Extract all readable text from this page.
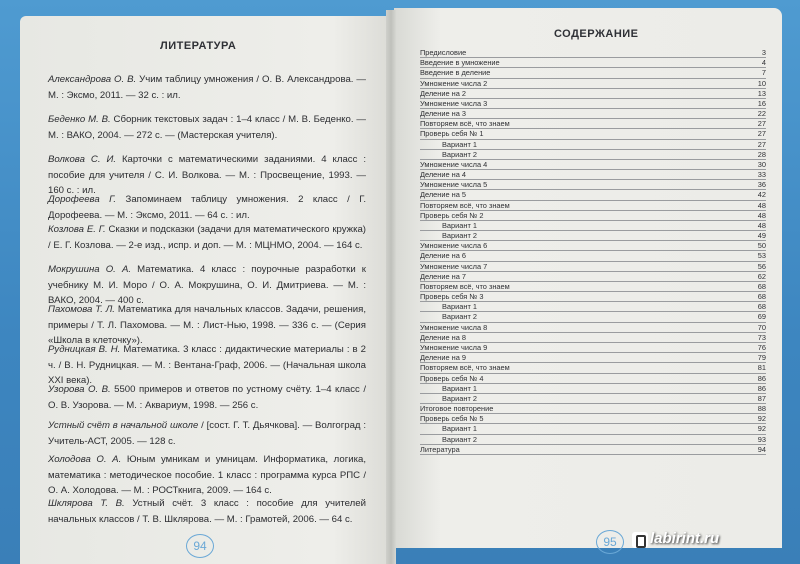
ЛИТЕРАТУРА
СОДЕРЖАНИЕ
Александрова О. В. Учим таблицу умножения / О. В. Александрова. — М. : Эксмо, 2011. — 32 с. : ил.
Беденко М. В. Сборник текстовых задач : 1–4 класс / М. В. Беденко. — М. : ВАКО, 2004. — 272 с. — (Мастерская учителя).
Волкова С. И. Карточки с математическими заданиями. 4 класс : пособие для учителя / С. И. Волкова. — М. : Просвещение, 1993. — 160 с. : ил.
Дорофеева Г. Запоминаем таблицу умножения. 2 класс / Г. Дорофеева. — М. : Эксмо, 2011. — 64 с. : ил.
Козлова Е. Г. Сказки и подсказки (задачи для математического кружка) / Е. Г. Козлова. — 2-е изд., испр. и доп. — М. : МЦНМО, 2004. — 164 с.
Мокрушина О. А. Математика. 4 класс : поурочные разработки к учебнику М. И. Моро / О. А. Мокрушина, О. И. Дмитриева. — М. : ВАКО, 2004. — 400 с.
Пахомова Т. Л. Математика для начальных классов. Задачи, решения, примеры / Т. Л. Пахомова. — М. : Лист-Нью, 1998. — 336 с. — (Серия «Школа в клеточку»).
Рудницкая В. Н. Математика. 3 класс : дидактические материалы : в 2 ч. / В. Н. Рудницкая. — М. : Вентана-Граф, 2006. — (Начальная школа XXI века).
Узорова О. В. 5500 примеров и ответов по устному счёту. 1–4 класс / О. В. Узорова. — М. : Аквариум, 1998. — 256 с.
Устный счёт в начальной школе / [сост. Г. Т. Дьячкова]. — Волгоград : Учитель-АСТ, 2005. — 128 с.
Холодова О. А. Юным умникам и умницам. Информатика, логика, математика : методическое пособие. 1 класс : программа курса РПС / О. А. Холодова. — М. : РОСТкнига, 2009. — 164 с.
Шклярова Т. В. Устный счёт. 3 класс : пособие для учителей начальных классов / Т. В. Шклярова. — М. : Грамотей, 2006. — 64 с.
Предисловие	3
Введение в умножение	4
Введение в деление	7
Умножение числа 2	10
Деление на 2	13
Умножение числа 3	16
Деление на 3	22
Повторяем всё, что знаем	27
Проверь себя № 1	27
Вариант 1	27
Вариант 2	28
Умножение числа 4	30
Деление на 4	33
Умножение числа 5	36
Деление на 5	42
Повторяем всё, что знаем	48
Проверь себя № 2	48
Вариант 1	48
Вариант 2	49
Умножение числа 6	50
Деление на 6	53
Умножение числа 7	56
Деление на 7	62
Повторяем всё, что знаем	68
Проверь себя № 3	68
Вариант 1	68
Вариант 2	69
Умножение числа 8	70
Деление на 8	73
Умножение числа 9	76
Деление на 9	79
Повторяем всё, что знаем	81
Проверь себя № 4	86
Вариант 1	86
Вариант 2	87
Итоговое повторение	88
Проверь себя № 5	92
Вариант 1	92
Вариант 2	93
Литература	94
94	95	labirint.ru
